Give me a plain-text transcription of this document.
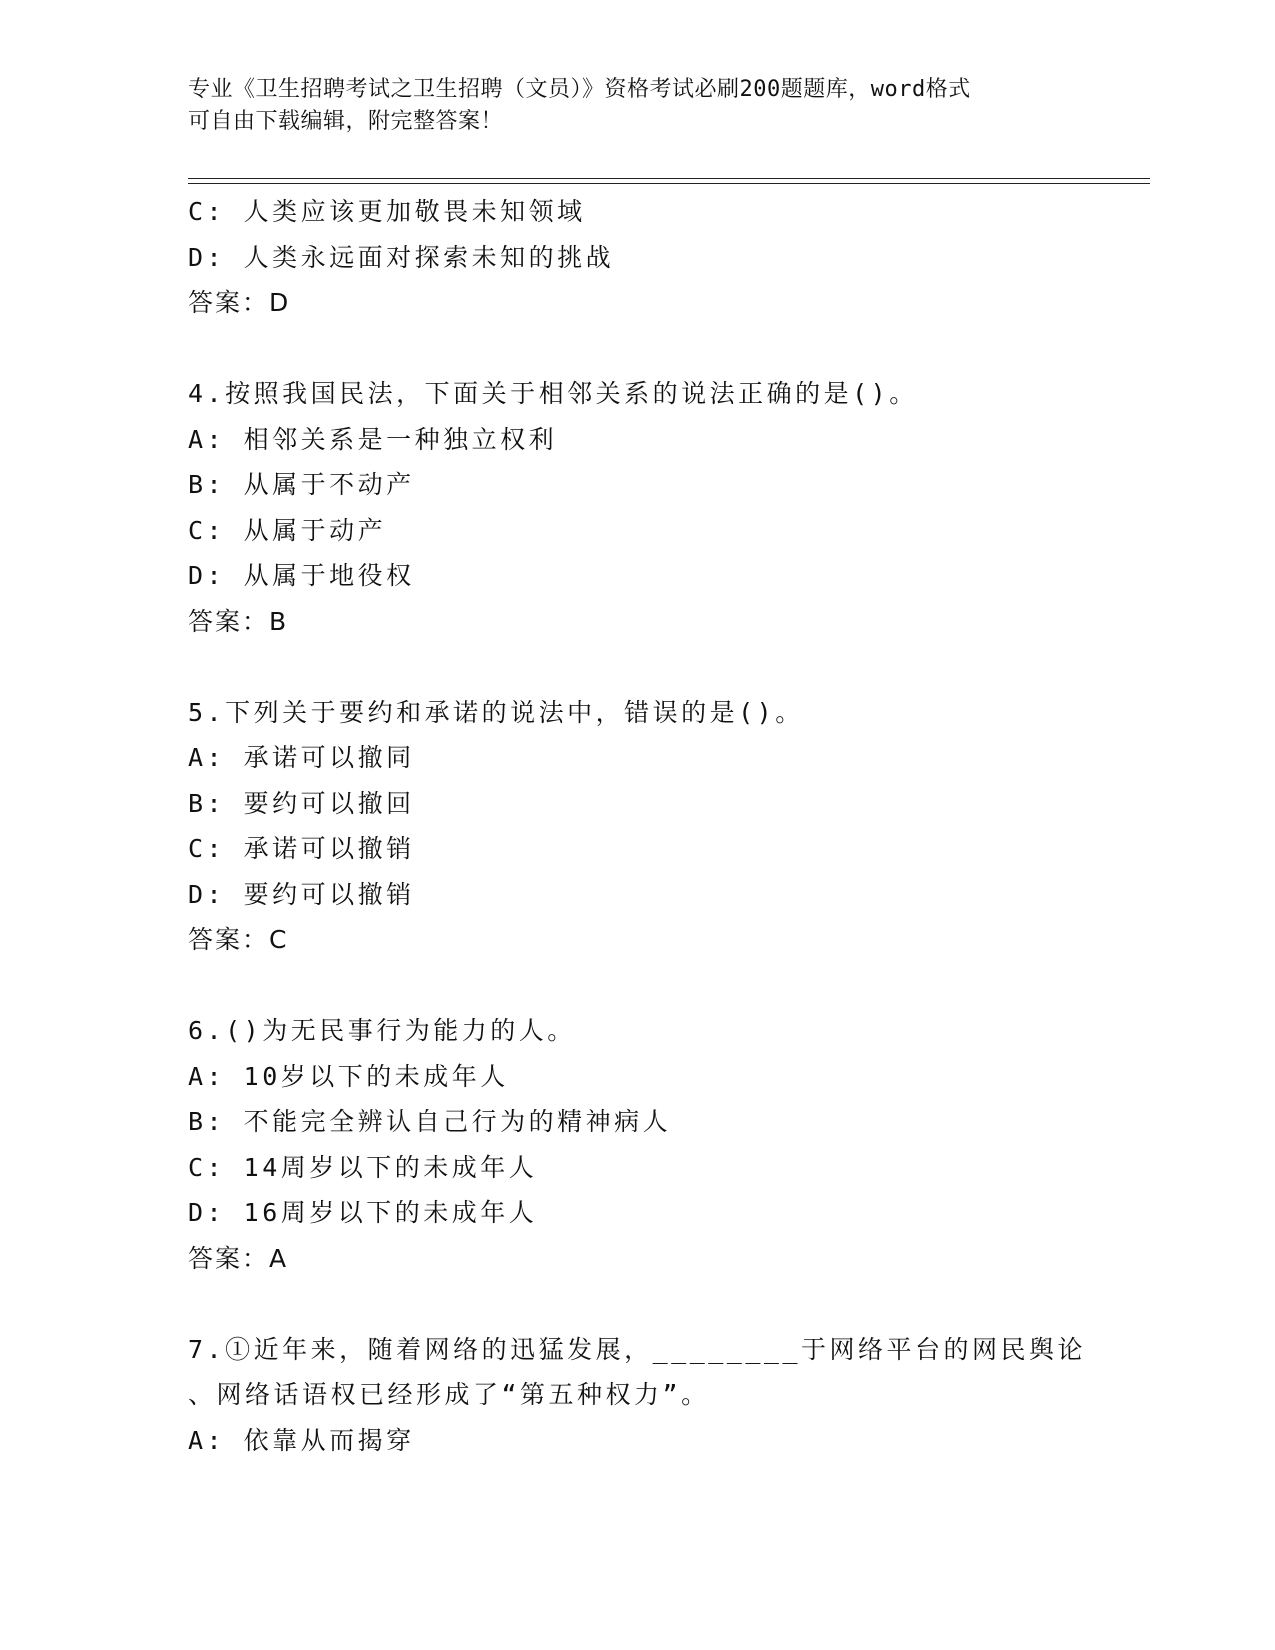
专业《卫生招聘考试之卫生招聘（文员）》资格考试必刷200题题库，word格式
可自由下载编辑，附完整答案！
C: 人类应该更加敬畏未知领域
D: 人类永远面对探索未知的挑战
答案：D
4.按照我国民法，下面关于相邻关系的说法正确的是()。
A: 相邻关系是一种独立权利
B: 从属于不动产
C: 从属于动产
D: 从属于地役权
答案：B
5.下列关于要约和承诺的说法中，错误的是()。
A: 承诺可以撤同
B: 要约可以撤回
C: 承诺可以撤销
D: 要约可以撤销
答案：C
6.()为无民事行为能力的人。
A: 10岁以下的未成年人
B: 不能完全辨认自己行为的精神病人
C: 14周岁以下的未成年人
D: 16周岁以下的未成年人
答案：A
7.①近年来，随着网络的迅猛发展，________于网络平台的网民舆论
、网络话语权已经形成了“第五种权力”。
A: 依靠从而揭穿
